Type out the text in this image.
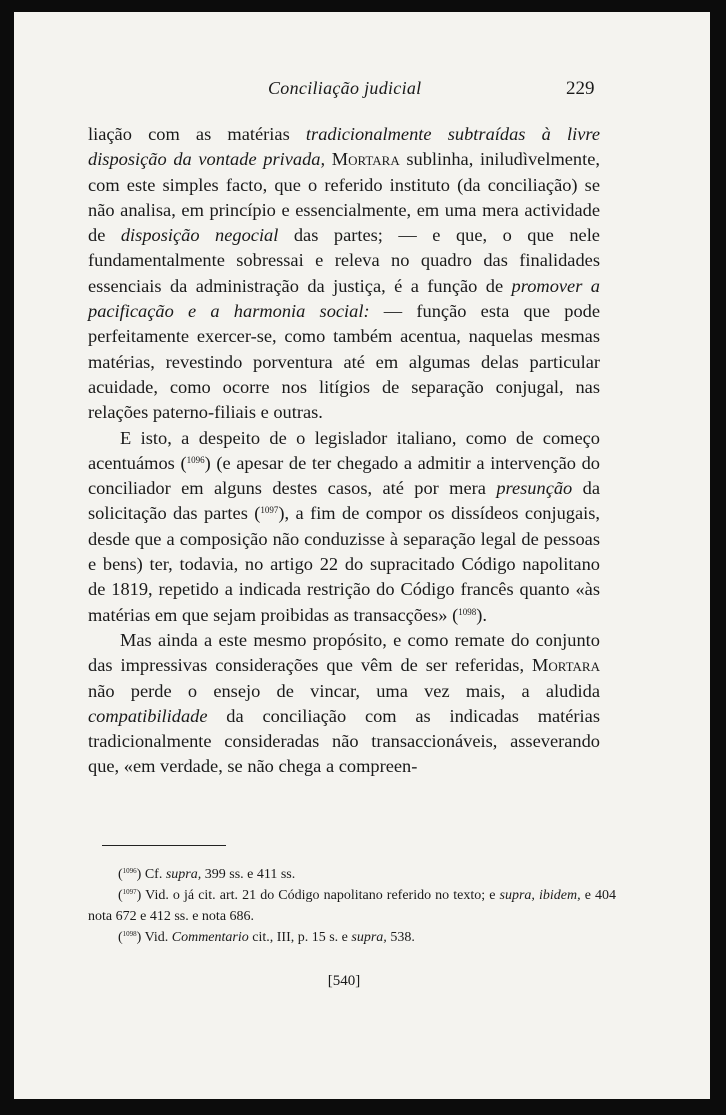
Conciliação judicial	229

liação com as matérias tradicionalmente subtraídas à livre disposição da vontade privada, Mortara sublinha, iniludìvelmente, com este simples facto, que o referido instituto (da conciliação) se não analisa, em princípio e essencialmente, em uma mera actividade de disposição negocial das partes; — e que, o que nele fundamentalmente sobressai e releva no quadro das finalidades essenciais da administração da justiça, é a função de promover a pacificação e a harmonia social: — função esta que pode perfeitamente exercer-se, como também acentua, naquelas mesmas matérias, revestindo porventura até em algumas delas particular acuidade, como ocorre nos litígios de separação conjugal, nas relações paterno-filiais e outras.

E isto, a despeito de o legislador italiano, como de começo acentuámos ($^{1096}$) (e apesar de ter chegado a admitir a intervenção do conciliador em alguns destes casos, até por mera presunção da solicitação das partes ($^{1097}$), a fim de compor os dissídeos conjugais, desde que a composição não conduzisse à separação legal de pessoas e bens) ter, todavia, no artigo 22 do supracitado Código napolitano de 1819, repetido a indicada restrição do Código francês quanto «às matérias em que sejam proibidas as transacções» ($^{1098}$).

Mas ainda a este mesmo propósito, e como remate do conjunto das impressivas considerações que vêm de ser referidas, Mortara não perde o ensejo de vincar, uma vez mais, a aludida compatibilidade da conciliação com as indicadas matérias tradicionalmente consideradas não transaccionáveis, asseverando que, «em verdade, se não chega a compreen-

($^{1096}$) Cf. supra, 399 ss. e 411 ss.

($^{1097}$) Vid. o já cit. art. 21 do Código napolitano referido no texto; e supra, ibidem, e 404 nota 672 e 412 ss. e nota 686.

($^{1098}$) Vid. Commentario cit., III, p. 15 s. e supra, 538.

[540]
